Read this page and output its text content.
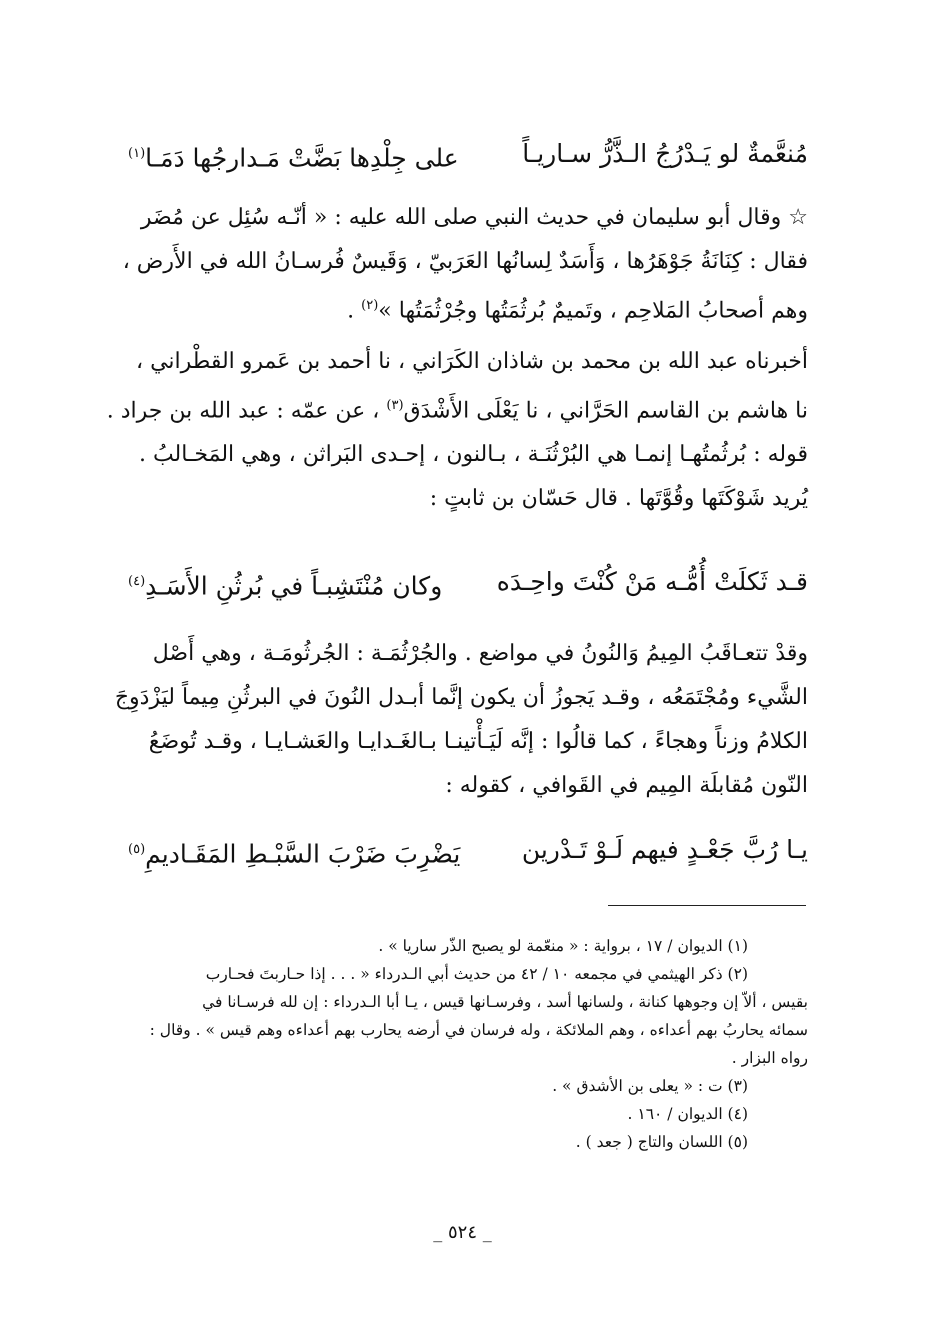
مُنعَّمةٌ لو يَـدْرُجُ الـذَّرُّ سـاريـاً
على جِلْدِها بَضَّتْ مَـدارجُها دَمَـا$^{(١)}$
☆ وقال أبو سليمان في حديث النبي صلى الله عليه : « أنّـه سُئِل عن مُضَر
فقال : كِنَانَةُ جَوْهَرُها ، وَأَسَدٌ لِسانُها العَرَبيّ ، وَقَيسٌ فُرسـانُ الله في الأَرض ،
وهم أصحابُ المَلاحِم ، وتَميمٌ بُرثُمَتُها وجُرْثُمَتُها »$^{(٢)}$ .
أخبرناه عبد الله بن محمد بن شاذان الكَرَاني ، نا أحمد بن عَمرو القطْراني ،
نا هاشم بن القاسم الحَرَّاني ، نا يَعْلَى الأَشْدَق$^{(٣)}$ ، عن عمّه : عبد الله بن جراد .
قوله : بُرثُمتُهـا إنمـا هي البُرْثُنَـة ، بـالنون ، إحـدى البَراثن ، وهي المَخـالبُ .
يُريد شَوْكَتَها وقُوَّتَها . قال حَسّان بن ثابتٍ :
قـد ثَكلَتْ أُمُّـه مَنْ كُنْتَ واحِـدَه
وكان مُنْتَشِبـاً في بُرثُنِ الأَسَـدِ$^{(٤)}$
وقدْ تتعـاقَبُ المِيمُ وَالنُونُ في مواضع . والجُرْثُمَـة : الجُرثُومَـة ، وهي أَصْل
الشَّيء ومُجْتَمَعُه ، وقـد يَجوزُ أن يكون إنَّما أبـدل النُونَ في البرثُنِ مِيماً ليَزْدَوِجَ
الكلامُ وزناً وهجاءً ، كما قالُوا : إنَّه لَيَـأْتينـا بـالغَـدايـا والعَشـايـا ، وقـد تُوضَعُ
النّون مُقابلَة المِيم في القَوافي ، كقوله :
يـا رُبَّ جَعْـدٍ فيهم لَـوْ تَـدْرين
يَضْرِبَ ضَرْبَ السَّبْـطِ المَقَـاديمِ$^{(٥)}$
(١) الديوان / ١٧ ، برواية : « منعّمة لو يصبح الذّر ساريا » .
(٢) ذكر الهيثمي في مجمعه ١٠ / ٤٢ من حديث أبي الـدرداء « . . . إذا حـاربتَ فحـارب
بقيس ، ألاّ إن وجوهها كنانة ، ولسانها أسد ، وفرسـانها قيس ، يـا أبا الـدرداء : إن لله فرسـانا في
سمائه يحاربُ بهم أعداءه ، وهم الملائكة ، وله فرسان في أرضه يحارب بهم أعداءه وهم قيس » . وقال :
رواه البزار .
(٣) ت : « يعلى بن الأشدق » .
(٤) الديوان / ١٦٠ .
(٥) اللسان والتاج ( جعد ) .
_ ٥٢٤ _
